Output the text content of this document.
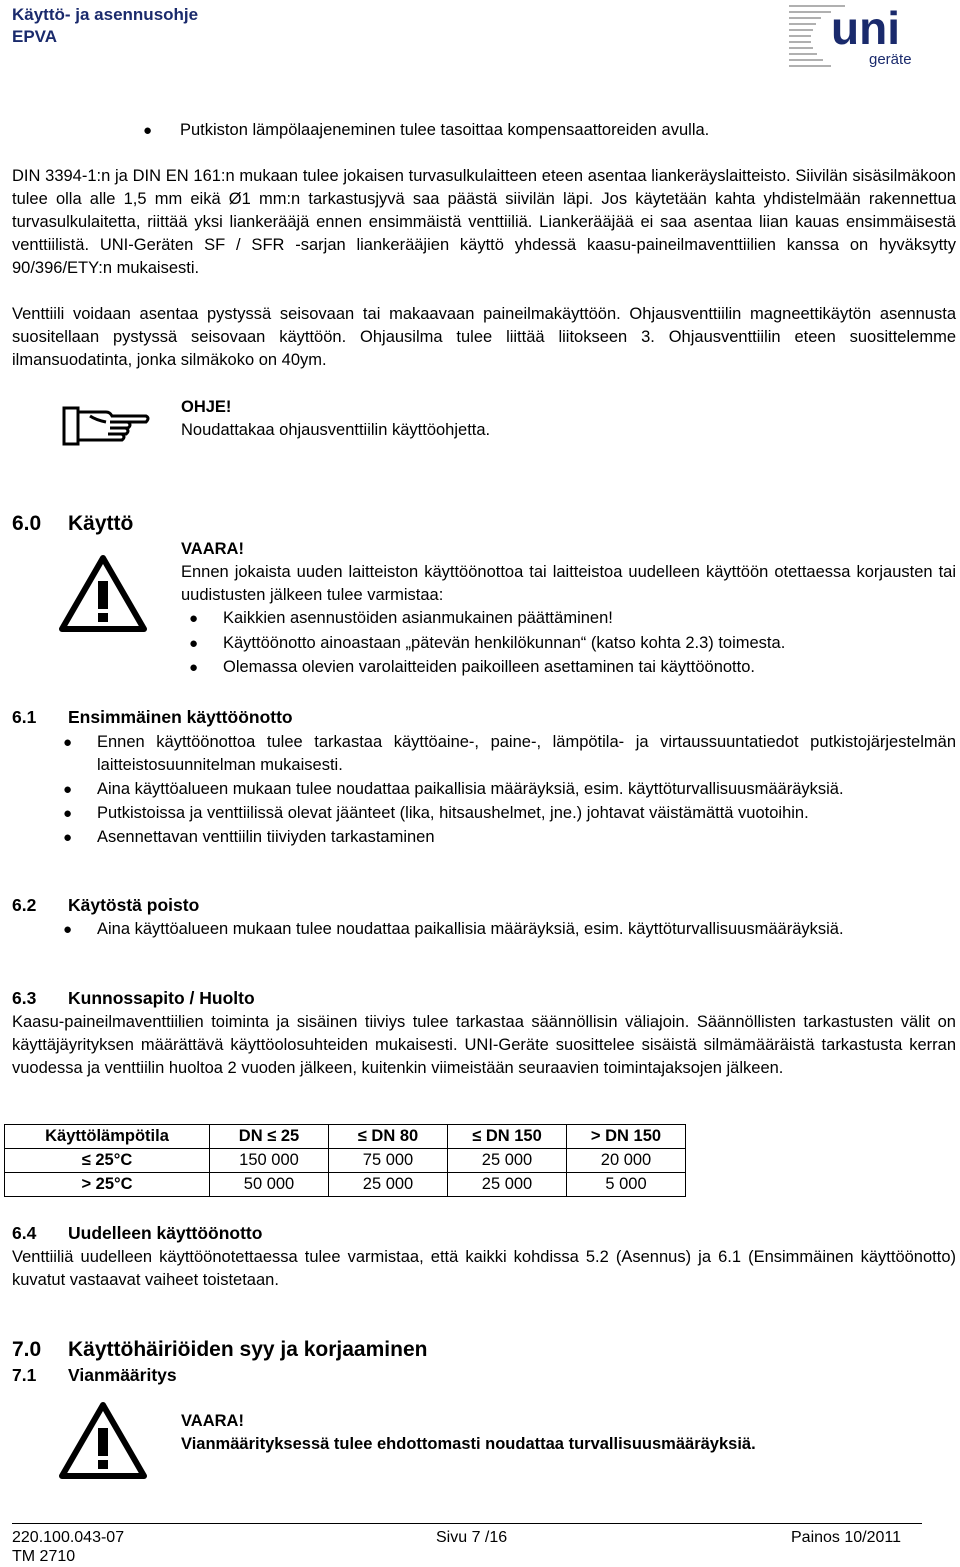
Käyttö- ja asennusohje
EPVA	uni
geräte
● Putkiston lämpölaajeneminen tulee tasoittaa kompensaattoreiden avulla.
DIN 3394-1:n ja DIN EN 161:n mukaan tulee jokaisen turvasulkulaitteen eteen asentaa liankeräyslaitteisto. Siivilän sisäsilmäkoon tulee olla alle 1,5 mm eikä Ø1 mm:n tarkastusjyvä saa päästä siivilän läpi. Jos käytetään kahta yhdistelmään rakennettua turvasulkulaitetta, riittää yksi liankerääjä ennen ensimmäistä venttiiliä. Liankerääjää ei saa asentaa liian kauas ensimmäisestä venttiilistä. UNI-Geräten SF / SFR -sarjan liankerääjien käyttö yhdessä kaasu-paineilmaventtiilien kanssa on hyväksytty 90/396/ETY:n mukaisesti.
Venttiili voidaan asentaa pystyssä seisovaan tai makaavaan paineilmakäyttöön. Ohjausventtiilin magneettikäytön asennusta suositellaan pystyssä seisovaan käyttöön. Ohjausilma tulee liittää liitokseen 3. Ohjausventtiilin eteen suosittelemme ilmansuodatinta, jonka silmäkoko on 40ym.
OHJE!
Noudattakaa ohjausventtiilin käyttöohjetta.
6.0 Käyttö
VAARA!
Ennen jokaista uuden laitteiston käyttöönottoa tai laitteistoa uudelleen käyttöön otettaessa korjausten tai uudistusten jälkeen tulee varmistaa:
● Kaikkien asennustöiden asianmukainen päättäminen!
● Käyttöönotto ainoastaan „pätevän henkilökunnan“ (katso kohta 2.3) toimesta.
● Olemassa olevien varolaitteiden paikoilleen asettaminen tai käyttöönotto.
6.1 Ensimmäinen käyttöönotto
● Ennen käyttöönottoa tulee tarkastaa käyttöaine-, paine-, lämpötila- ja virtaussuuntatiedot putkistojärjestelmän laitteistosuunnitelman mukaisesti.
● Aina käyttöalueen mukaan tulee noudattaa paikallisia määräyksiä, esim. käyttöturvallisuusmääräyksiä.
● Putkistoissa ja venttiilissä olevat jäänteet (lika, hitsaushelmet, jne.) johtavat väistämättä vuotoihin.
● Asennettavan venttiilin tiiviyden tarkastaminen
6.2 Käytöstä poisto
● Aina käyttöalueen mukaan tulee noudattaa paikallisia määräyksiä, esim. käyttöturvallisuusmääräyksiä.
6.3 Kunnossapito / Huolto
Kaasu-paineilmaventtiilien toiminta ja sisäinen tiiviys tulee tarkastaa säännöllisin väliajoin. Säännöllisten tarkastusten välit on käyttäjäyrityksen määrättävä käyttöolosuhteiden mukaisesti. UNI-Geräte suosittelee sisäistä silmämääräistä tarkastusta kerran vuodessa ja venttiilin huoltoa 2 vuoden jälkeen, kuitenkin viimeistään seuraavien toimintajaksojen jälkeen.
Käyttölämpötila	DN ≤ 25	≤ DN 80	≤ DN 150	> DN 150
≤ 25°C	150 000	75 000	25 000	20 000
> 25°C	50 000	25 000	25 000	5 000
6.4 Uudelleen käyttöönotto
Venttiiliä uudelleen käyttöönotettaessa tulee varmistaa, että kaikki kohdissa 5.2 (Asennus) ja 6.1 (Ensimmäinen käyttöönotto) kuvatut vastaavat vaiheet toistetaan.
7.0 Käyttöhäiriöiden syy ja korjaaminen
7.1 Vianmääritys
VAARA!
Vianmäärityksessä tulee ehdottomasti noudattaa turvallisuusmääräyksiä.
220.100.043-07
TM 2710
Sivu 7 /16	Painos 10/2011
